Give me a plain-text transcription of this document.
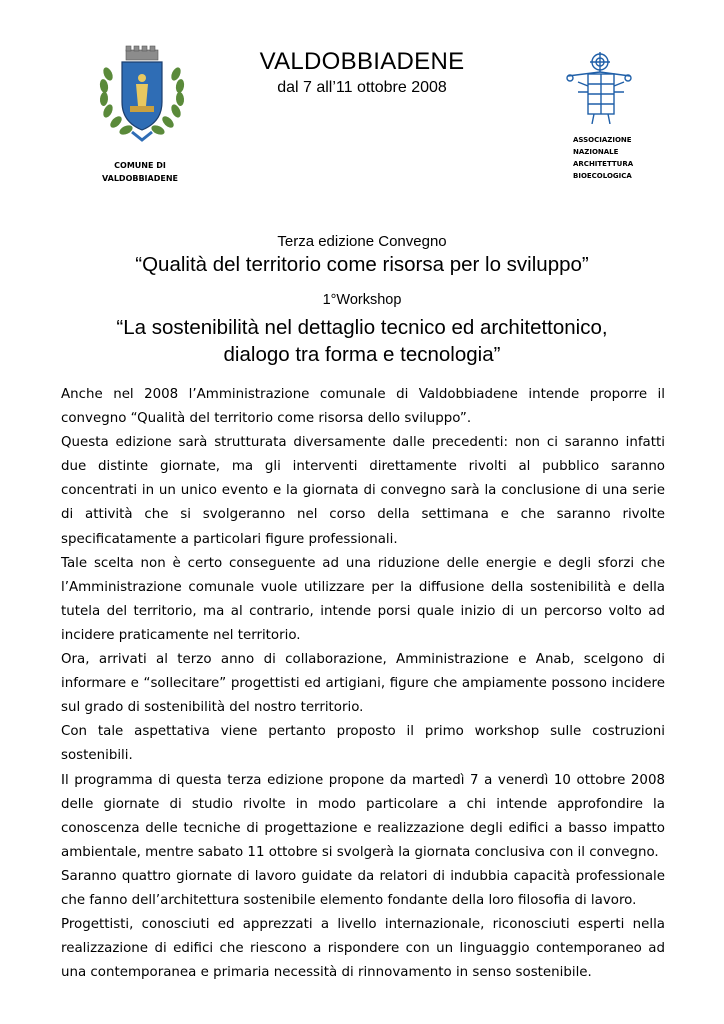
COMUNE DI
VALDOBBIADENE
VALDOBBIADENE
dal 7 all’11 ottobre 2008
ASSOCIAZIONE
NAZIONALE
ARCHITETTURA
BIOECOLOGICA
Terza edizione Convegno
“Qualità del territorio come risorsa per lo sviluppo”
1°Workshop
“La sostenibilità nel dettaglio tecnico ed architettonico,
dialogo tra forma e tecnologia”

Anche nel 2008 l’Amministrazione comunale di Valdobbiadene intende proporre il convegno “Qualità del territorio come risorsa dello sviluppo”.

Questa edizione sarà strutturata diversamente dalle precedenti: non ci saranno infatti due distinte giornate, ma gli interventi direttamente rivolti al pubblico saranno concentrati in un unico evento e la giornata di convegno sarà la conclusione di una serie di attività che si svolgeranno nel corso della settimana e che saranno rivolte specificatamente a particolari figure professionali.

Tale scelta non è certo conseguente ad una riduzione delle energie e degli sforzi che l’Amministrazione comunale vuole utilizzare per la diffusione della sostenibilità e della tutela del territorio, ma al contrario, intende porsi quale inizio di un percorso volto ad incidere praticamente nel territorio.

Ora, arrivati al terzo anno di collaborazione, Amministrazione e Anab, scelgono di informare e “sollecitare” progettisti ed artigiani, figure che ampiamente possono incidere sul grado di sostenibilità del nostro territorio.

Con tale aspettativa viene pertanto proposto il primo workshop sulle costruzioni sostenibili.

Il programma di questa terza edizione propone da martedì 7 a venerdì 10 ottobre 2008 delle giornate di studio rivolte in modo particolare a chi intende approfondire la conoscenza delle tecniche di progettazione e realizzazione degli edifici a basso impatto ambientale, mentre sabato 11 ottobre si svolgerà la giornata conclusiva con il convegno.

Saranno quattro giornate di lavoro guidate da relatori di indubbia capacità professionale che fanno dell’architettura sostenibile elemento fondante della loro filosofia di lavoro.

Progettisti, conosciuti ed apprezzati a livello internazionale, riconosciuti esperti nella realizzazione di edifici che riescono a rispondere con un linguaggio contemporaneo ad una contemporanea e primaria necessità di rinnovamento in senso sostenibile.
